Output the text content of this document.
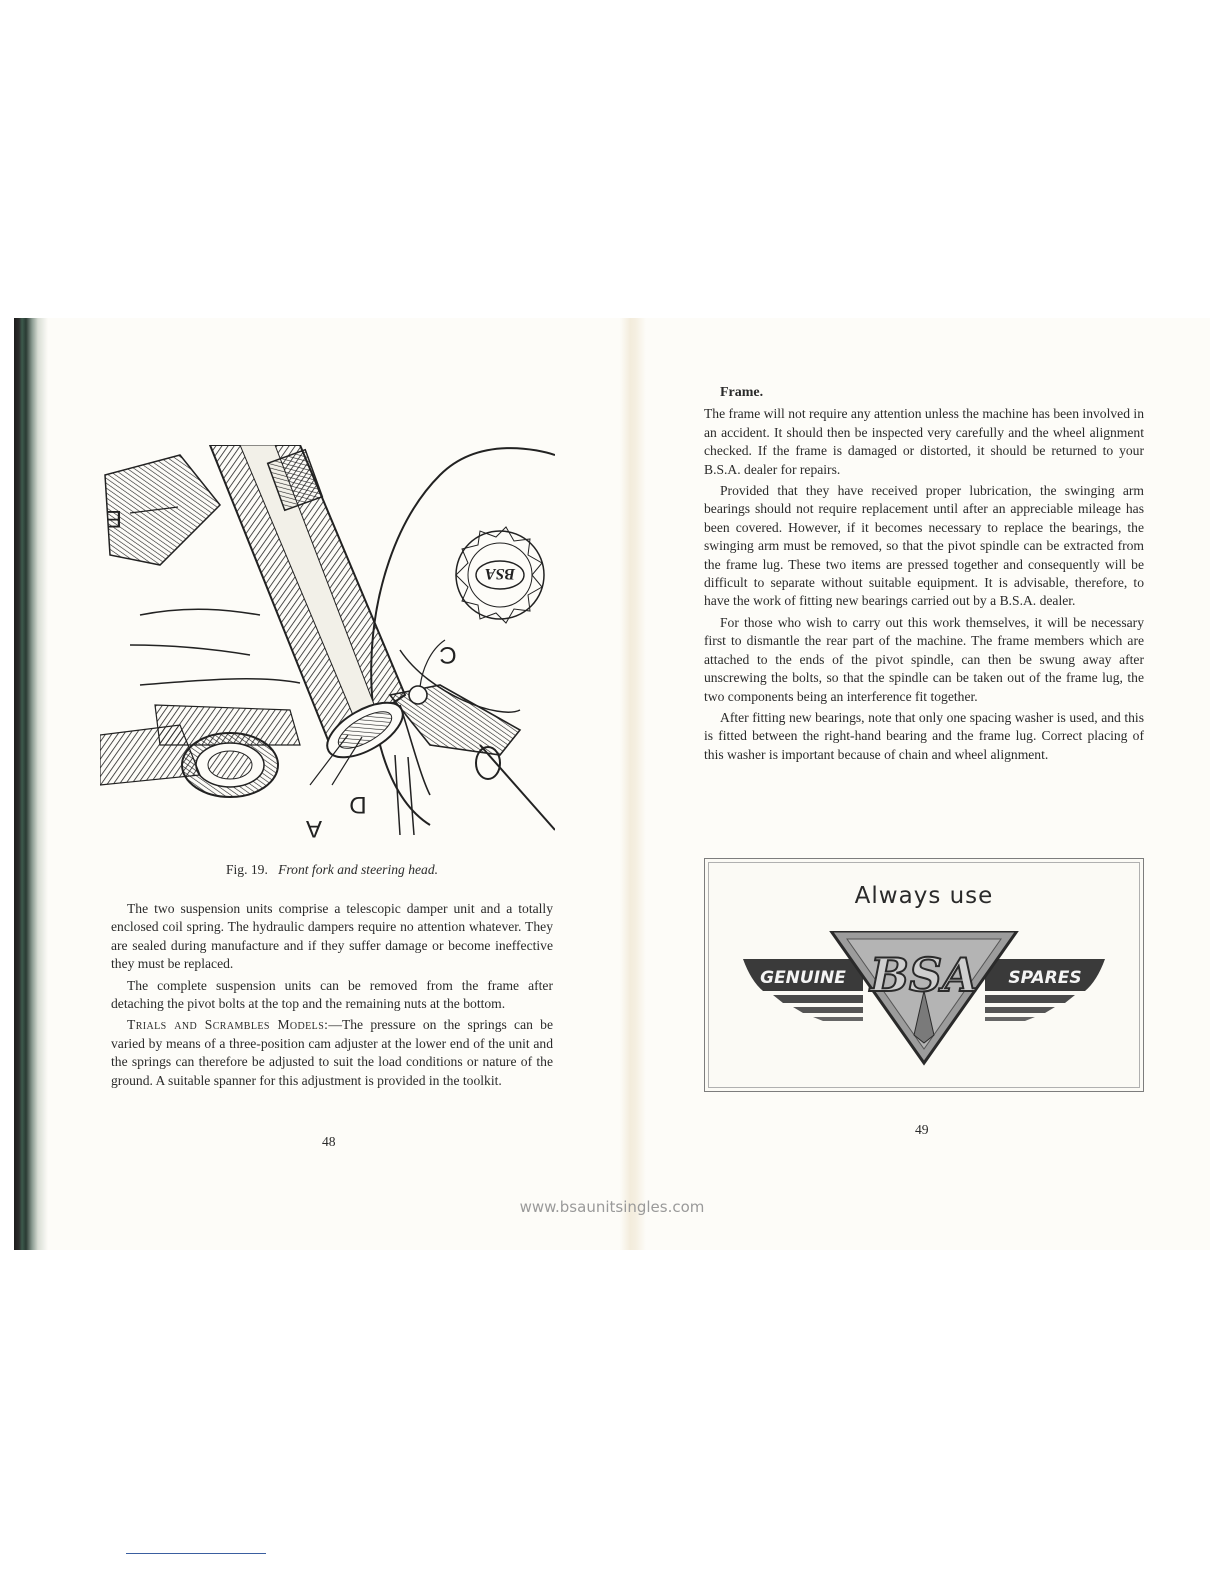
BSA
E
C
D
A
Fig. 19. Front fork and steering head.

The two suspension units comprise a telescopic damper unit and a totally enclosed coil spring. The hydraulic dampers require no attention whatever. They are sealed during manufacture and if they suffer damage or become ineffective they must be replaced.

The complete suspension units can be removed from the frame after detaching the pivot bolts at the top and the remaining nuts at the bottom.

Trials and Scrambles Models:—The pressure on the springs can be varied by means of a three-position cam adjuster at the lower end of the unit and the springs can therefore be adjusted to suit the load conditions or nature of the ground. A suitable spanner for this adjustment is provided in the toolkit.

48

Frame.

The frame will not require any attention unless the machine has been involved in an accident. It should then be inspected very carefully and the wheel alignment checked. If the frame is damaged or distorted, it should be returned to your B.S.A. dealer for repairs.

Provided that they have received proper lubrication, the swinging arm bearings should not require replacement until after an appreciable mileage has been covered. However, if it becomes necessary to replace the bearings, the swinging arm must be removed, so that the pivot spindle can be extracted from the frame lug. These two items are pressed together and consequently will be difficult to separate without suitable equipment. It is advisable, therefore, to have the work of fitting new bearings carried out by a B.S.A. dealer.

For those who wish to carry out this work themselves, it will be necessary first to dismantle the rear part of the machine. The frame members which are attached to the ends of the pivot spindle, can then be swung away after unscrewing the bolts, so that the spindle can be taken out of the frame lug, the two components being an interference fit together.

After fitting new bearings, note that only one spacing washer is used, and this is fitted between the right-hand bearing and the frame lug. Correct placing of this washer is important because of chain and wheel alignment.

Always use
GENUINE	SPARES
BSA
49
www.bsaunitsingles.com
